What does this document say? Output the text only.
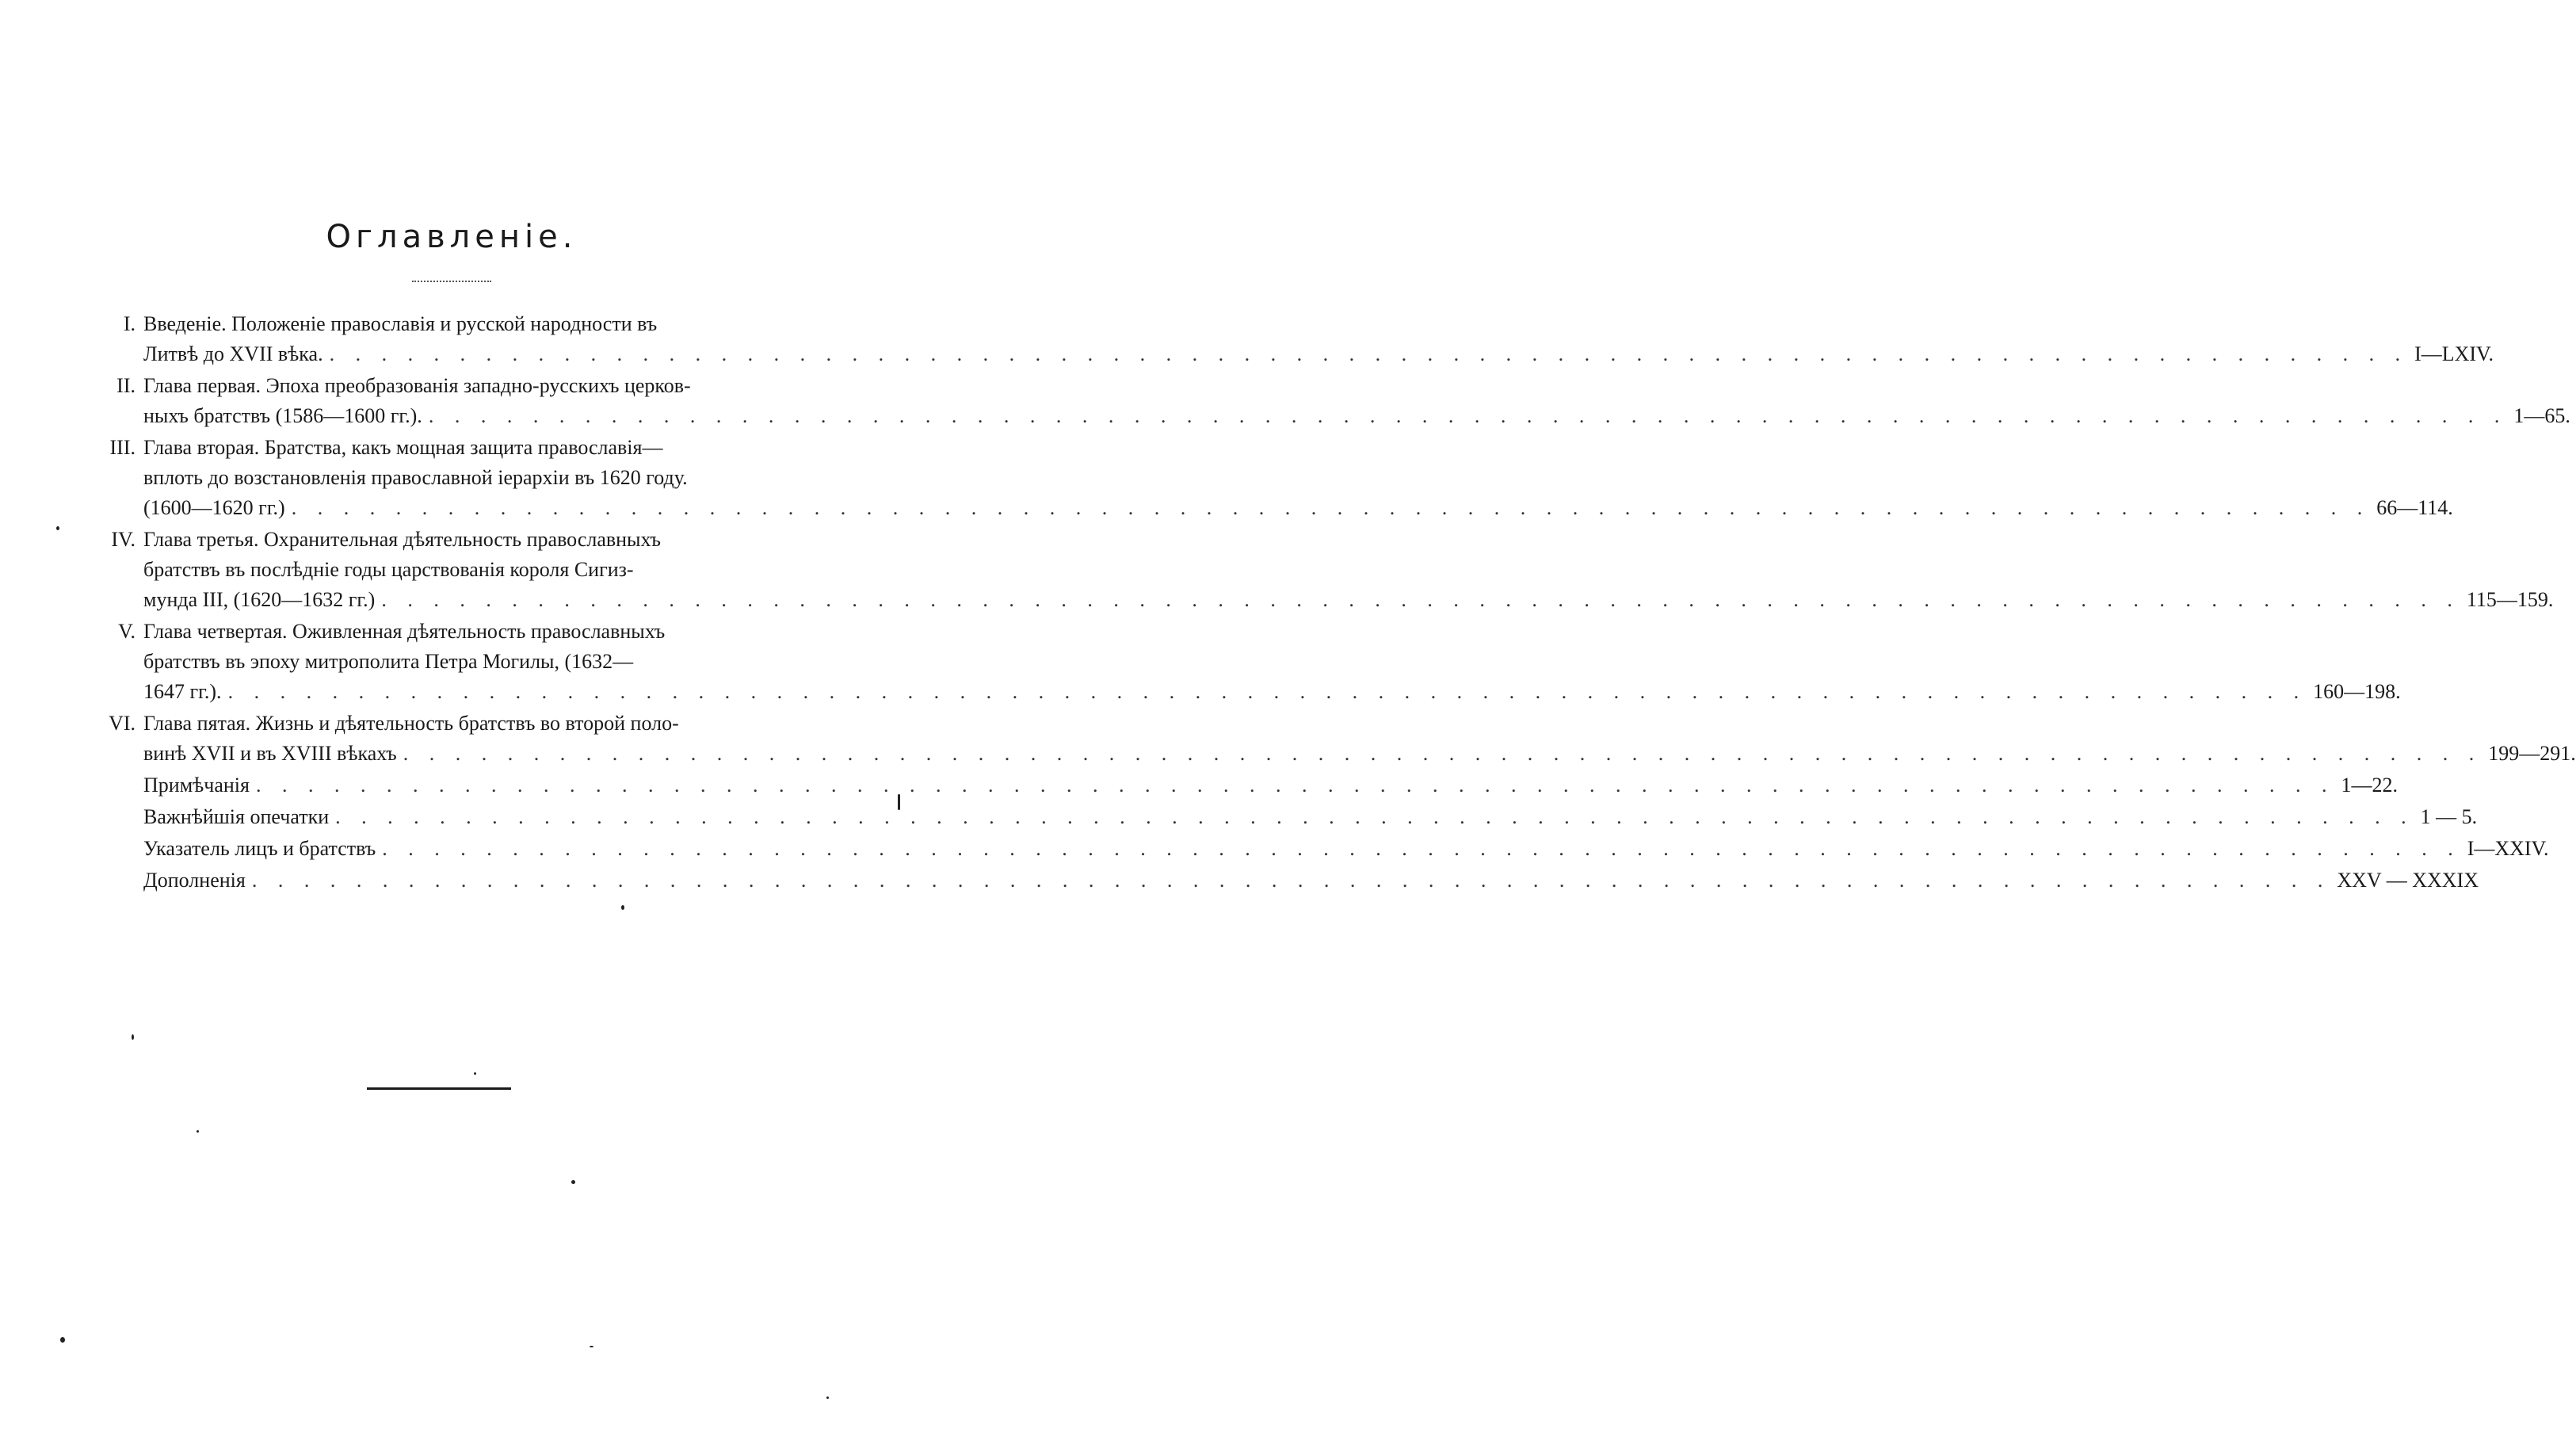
Оглавленіе.
I. Введеніе. Положеніе православія и русской народности въ
Литвѣ до XVII вѣка. . . .	I—LXIV.
II. Глава первая. Эпоха преобразованія западно-русскихъ церков-
ныхъ братствъ (1586—1600 гг.). . . .	1—65.
III. Глава вторая. Братства, какъ мощная защита православія—
вплоть до возстановленія православной іерархіи въ 1620 году.
(1600—1620 гг.) . . .	66—114.
IV. Глава третья. Охранительная дѣятельность православныхъ
братствъ въ послѣдніе годы царствованія короля Сигиз-
мунда III, (1620—1632 гг.) . . .	115—159.
V. Глава четвертая. Оживленная дѣятельность православныхъ
братствъ въ эпоху митрополита Петра Могилы, (1632—
1647 гг.). . . .	160—198.
VI. Глава пятая. Жизнь и дѣятельность братствъ во второй поло-
винѣ XVII и въ XVIII вѣкахъ . . .	199—291.
Примѣчанія . . .	1—22.
Важнѣйшія опечатки . . .	1 — 5.
Указатель лицъ и братствъ . . .	I—XXIV.
Дополненія . . .	XXV — XXXIX
